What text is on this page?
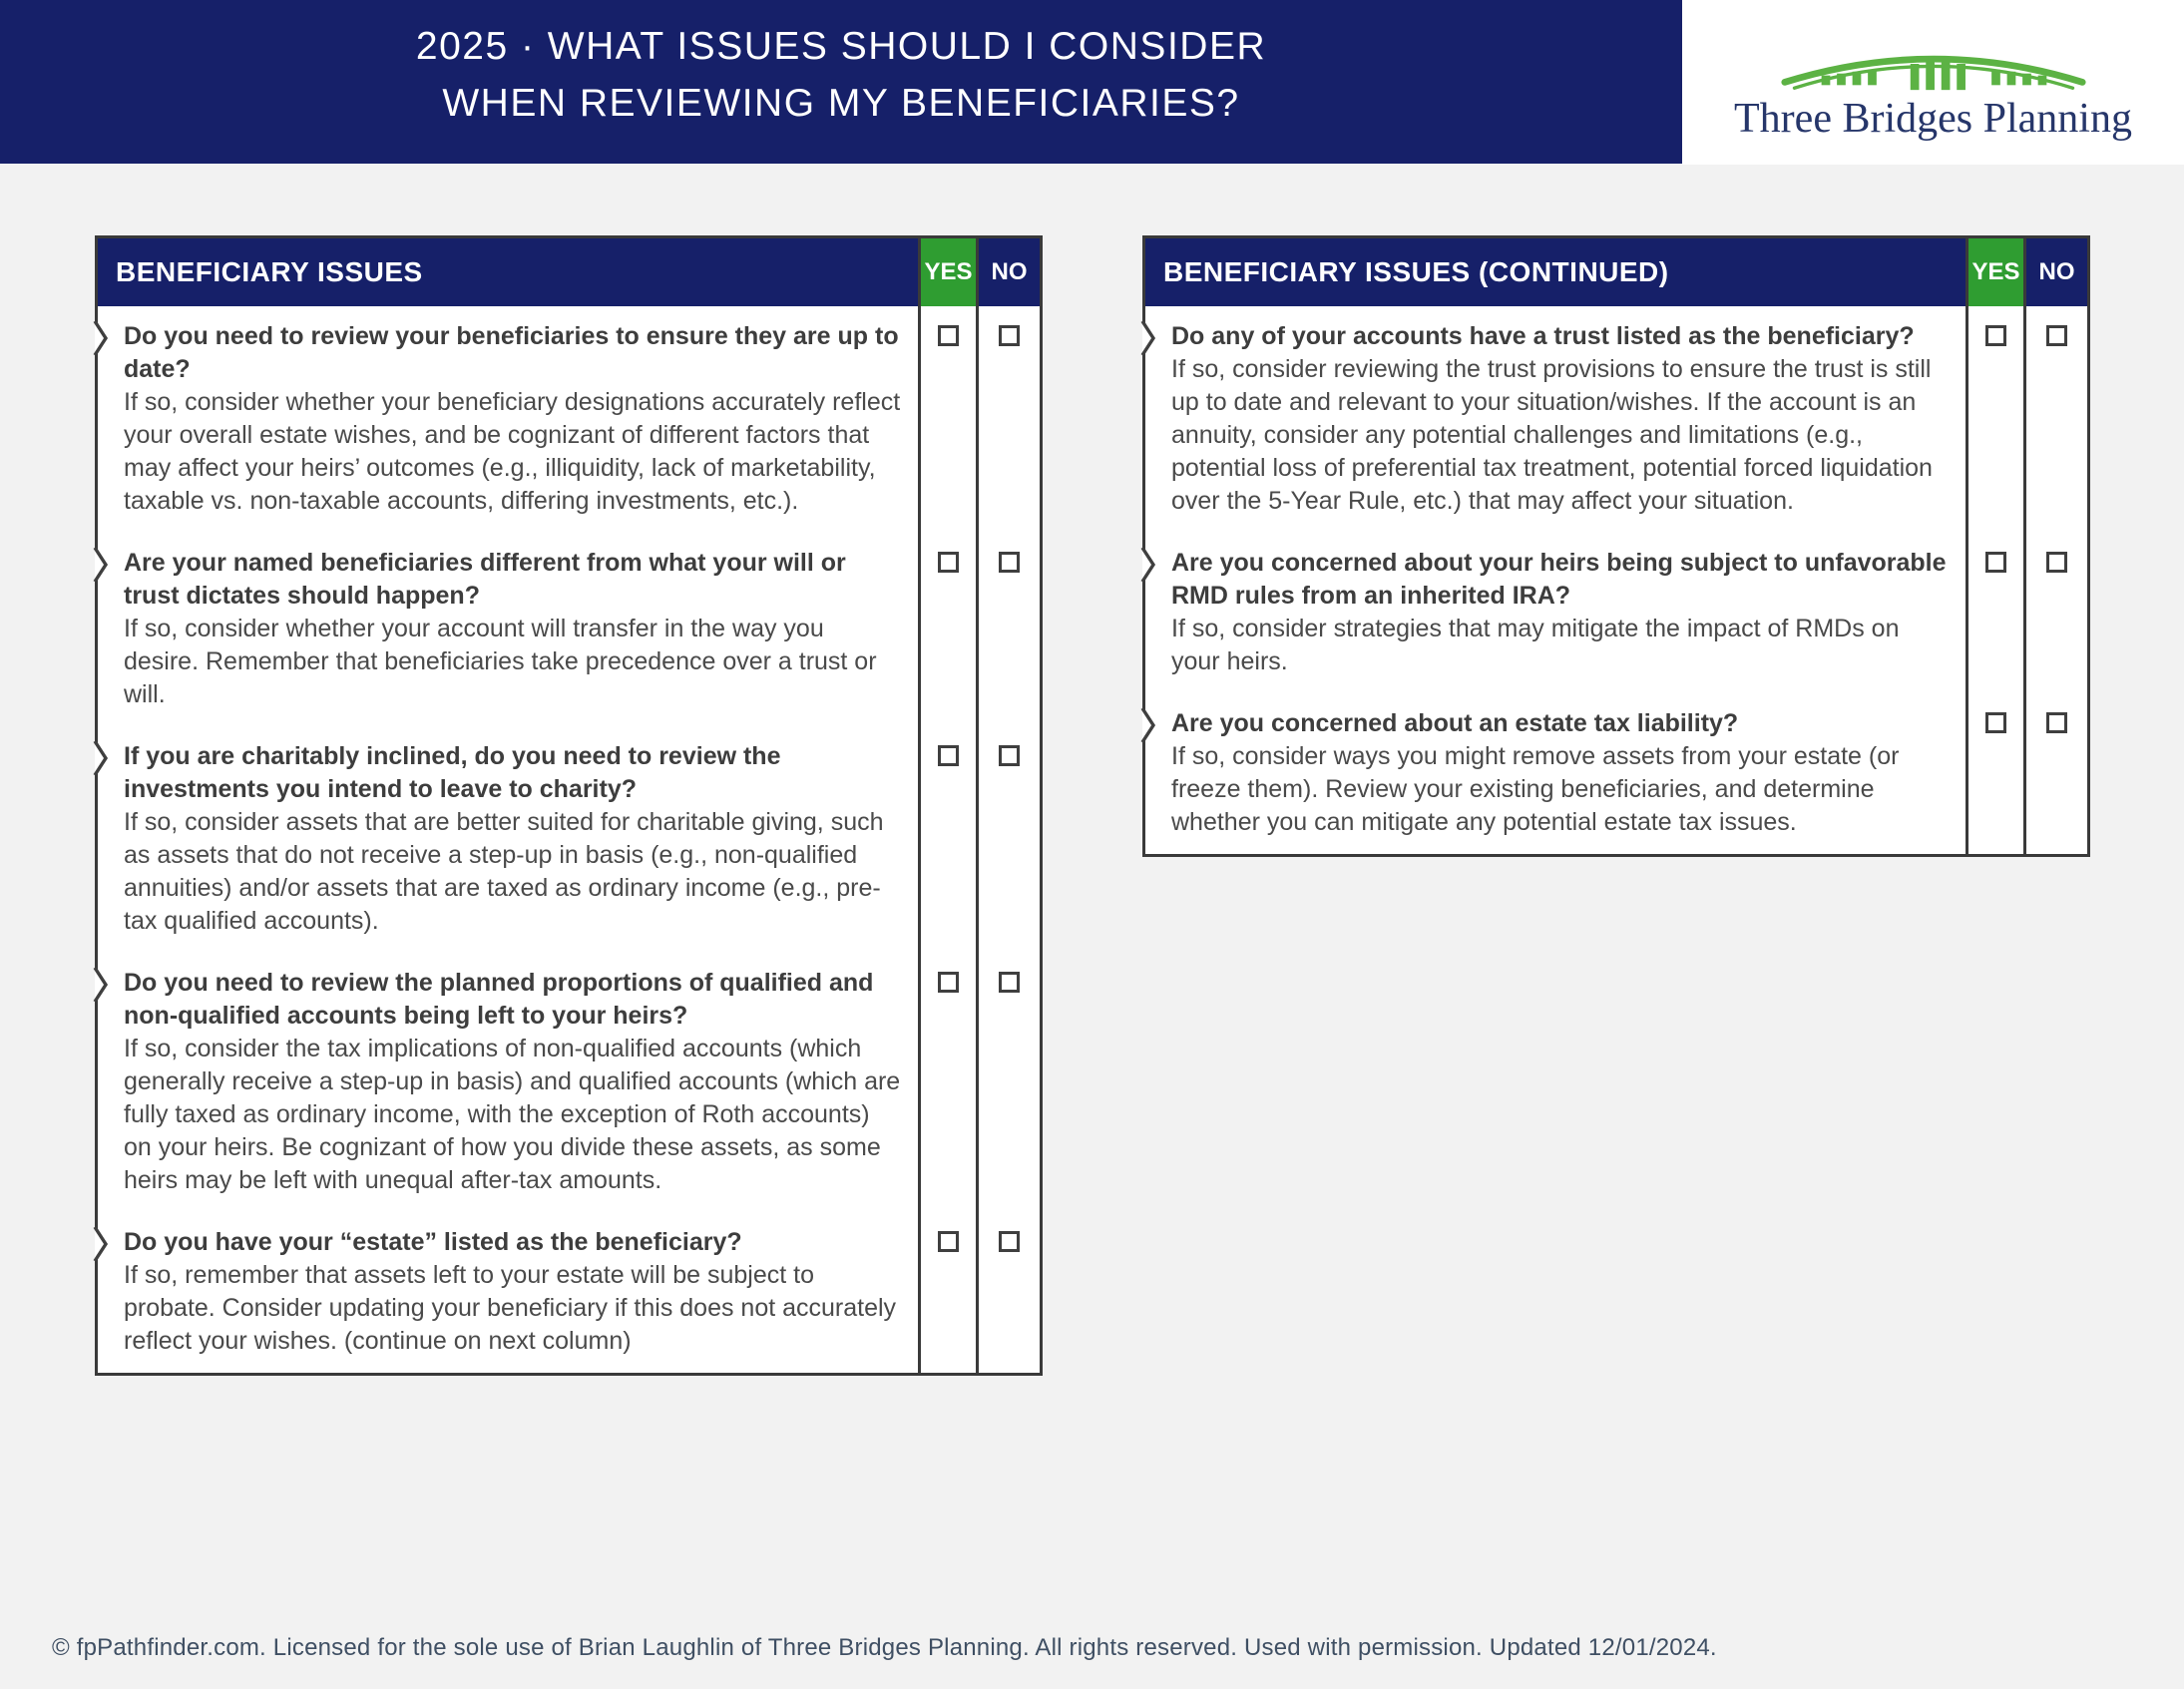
2025 · WHAT ISSUES SHOULD I CONSIDER
WHEN REVIEWING MY BENEFICIARIES?	Three Bridges Planning
BENEFICIARY ISSUES	YES NO
Do you need to review your beneficiaries to ensure they are up to date?
If so, consider whether your beneficiary designations accurately reflect your overall estate wishes, and be cognizant of different factors that may affect your heirs’ outcomes (e.g., illiquidity, lack of marketability, taxable vs. non-taxable accounts, differing investments, etc.).
Are your named beneficiaries different from what your will or trust dictates should happen?
If so, consider whether your account will transfer in the way you desire. Remember that beneficiaries take precedence over a trust or will.
If you are charitably inclined, do you need to review the investments you intend to leave to charity?
If so, consider assets that are better suited for charitable giving, such as assets that do not receive a step-up in basis (e.g., non-qualified annuities) and/or assets that are taxed as ordinary income (e.g., pre-tax qualified accounts).
Do you need to review the planned proportions of qualified and non-qualified accounts being left to your heirs?
If so, consider the tax implications of non-qualified accounts (which generally receive a step-up in basis) and qualified accounts (which are fully taxed as ordinary income, with the exception of Roth accounts) on your heirs. Be cognizant of how you divide these assets, as some heirs may be left with unequal after-tax amounts.
Do you have your “estate” listed as the beneficiary?
If so, remember that assets left to your estate will be subject to probate. Consider updating your beneficiary if this does not accurately reflect your wishes. (continue on next column)
BENEFICIARY ISSUES (CONTINUED)	YES NO
Do any of your accounts have a trust listed as the beneficiary?
If so, consider reviewing the trust provisions to ensure the trust is still up to date and relevant to your situation/wishes. If the account is an annuity, consider any potential challenges and limitations (e.g., potential loss of preferential tax treatment, potential forced liquidation over the 5-Year Rule, etc.) that may affect your situation.
Are you concerned about your heirs being subject to unfavorable RMD rules from an inherited IRA?
If so, consider strategies that may mitigate the impact of RMDs on your heirs.
Are you concerned about an estate tax liability?
If so, consider ways you might remove assets from your estate (or freeze them). Review your existing beneficiaries, and determine whether you can mitigate any potential estate tax issues.
© fpPathfinder.com. Licensed for the sole use of Brian Laughlin of Three Bridges Planning. All rights reserved. Used with permission. Updated 12/01/2024.
